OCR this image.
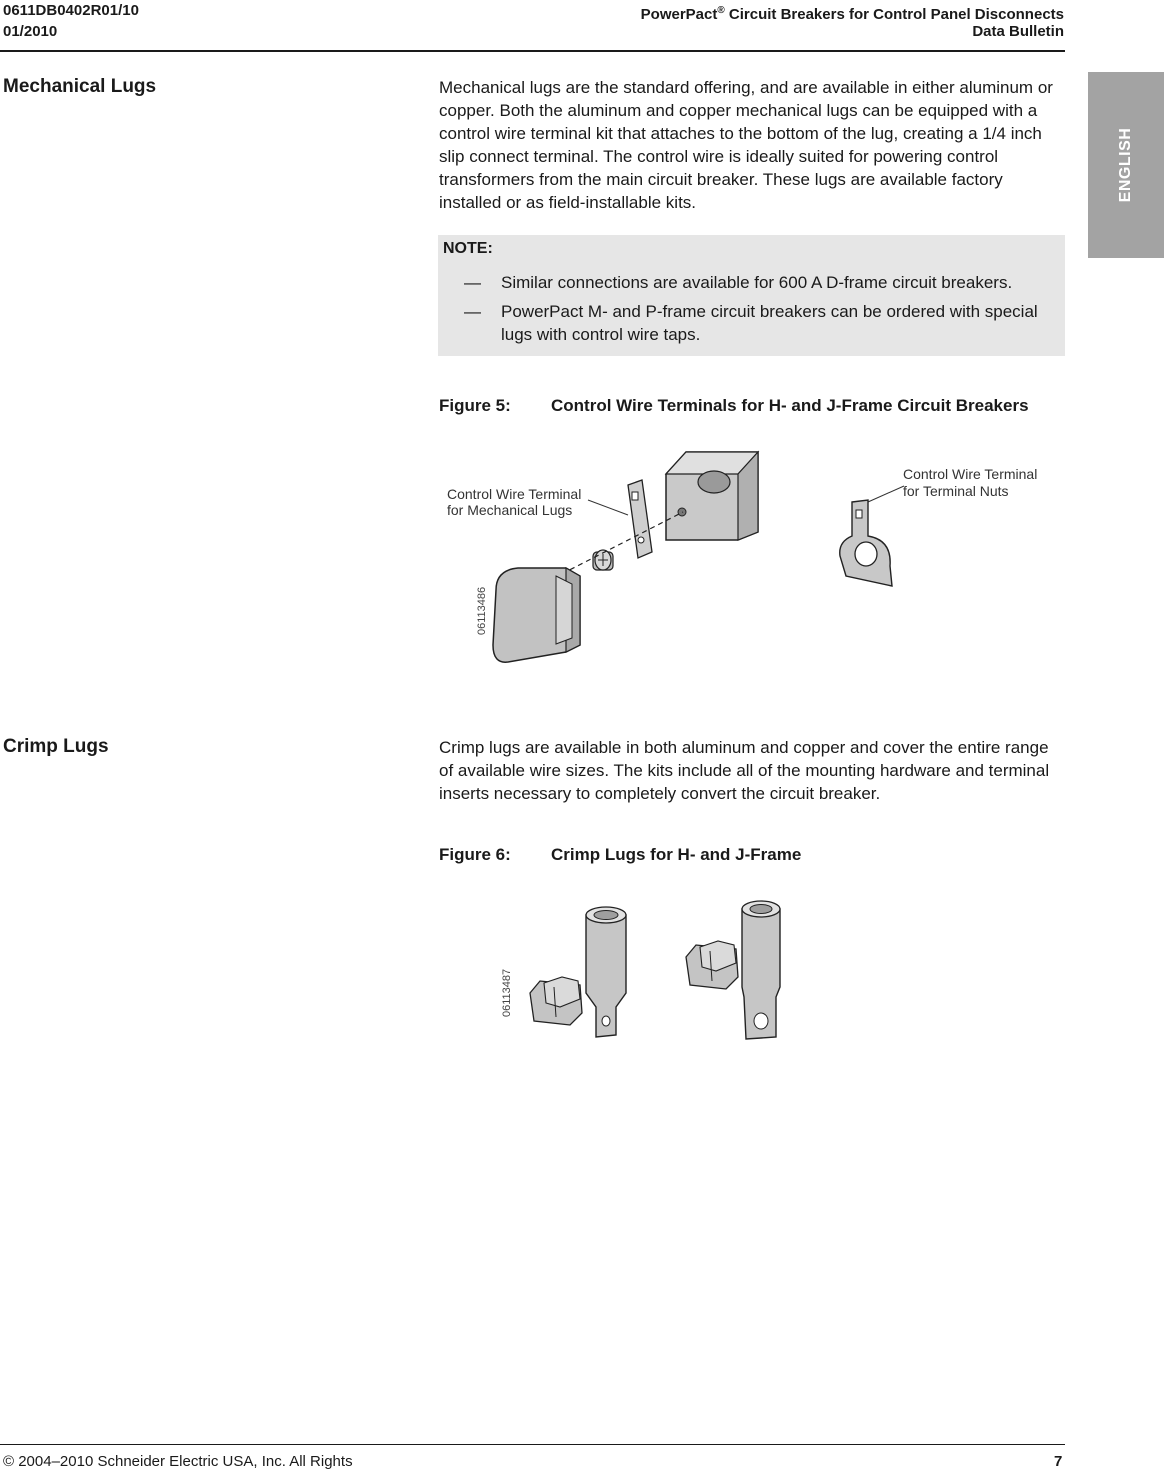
0611DB0402R01/10
01/2010
PowerPact® Circuit Breakers for Control Panel Disconnects
Data Bulletin
ENGLISH
Mechanical Lugs	Mechanical lugs are the standard offering, and are available in either aluminum or copper. Both the aluminum and copper mechanical lugs can be equipped with a control wire terminal kit that attaches to the bottom of the lug, creating a 1/4 inch slip connect terminal. The control wire is ideally suited for powering control transformers from the main circuit breaker. These lugs are available factory installed or as field-installable kits.

NOTE:
— Similar connections are available for 600 A D-frame circuit breakers.
— PowerPact M- and P-frame circuit breakers can be ordered with special lugs with control wire taps.
Figure 5: Control Wire Terminals for H- and J-Frame Circuit Breakers
Control Wire Terminal
for Mechanical Lugs
Control Wire Terminal
for Terminal Nuts
06113486
Crimp Lugs	Crimp lugs are available in both aluminum and copper and cover the entire range of available wire sizes. The kits include all of the mounting hardware and terminal inserts necessary to completely convert the circuit breaker.

Figure 6: Crimp Lugs for H- and J-Frame
06113487
© 2004–2010 Schneider Electric USA, Inc. All Rights	7
